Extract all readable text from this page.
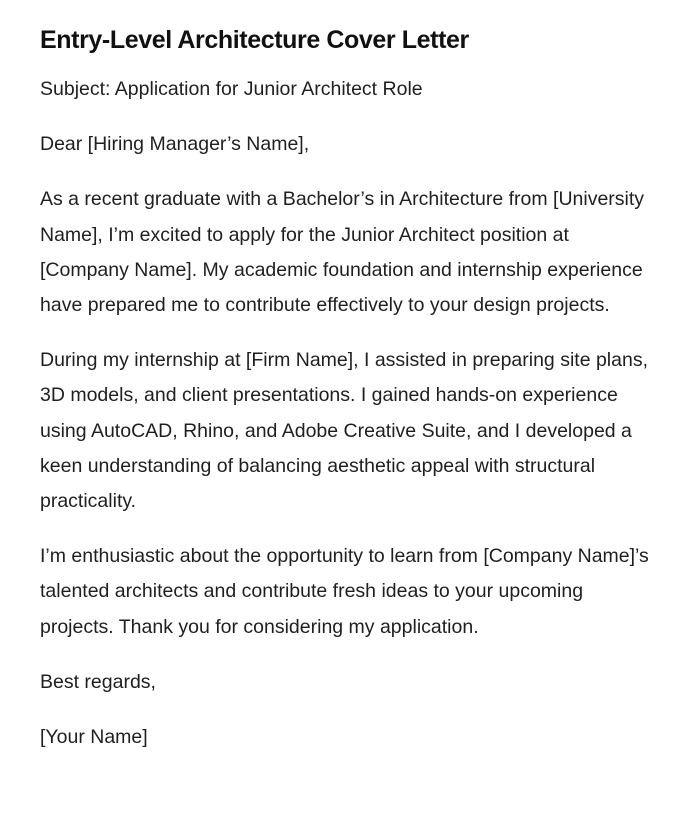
Entry-Level Architecture Cover Letter

Subject: Application for Junior Architect Role

Dear [Hiring Manager’s Name],

As a recent graduate with a Bachelor’s in Architecture from [University Name], I’m excited to apply for the Junior Architect position at [Company Name]. My academic foundation and internship experience have prepared me to contribute effectively to your design projects.

During my internship at [Firm Name], I assisted in preparing site plans, 3D models, and client presentations. I gained hands-on experience using AutoCAD, Rhino, and Adobe Creative Suite, and I developed a keen understanding of balancing aesthetic appeal with structural practicality.

I’m enthusiastic about the opportunity to learn from [Company Name]’s talented architects and contribute fresh ideas to your upcoming projects. Thank you for considering my application.

Best regards,

[Your Name]
